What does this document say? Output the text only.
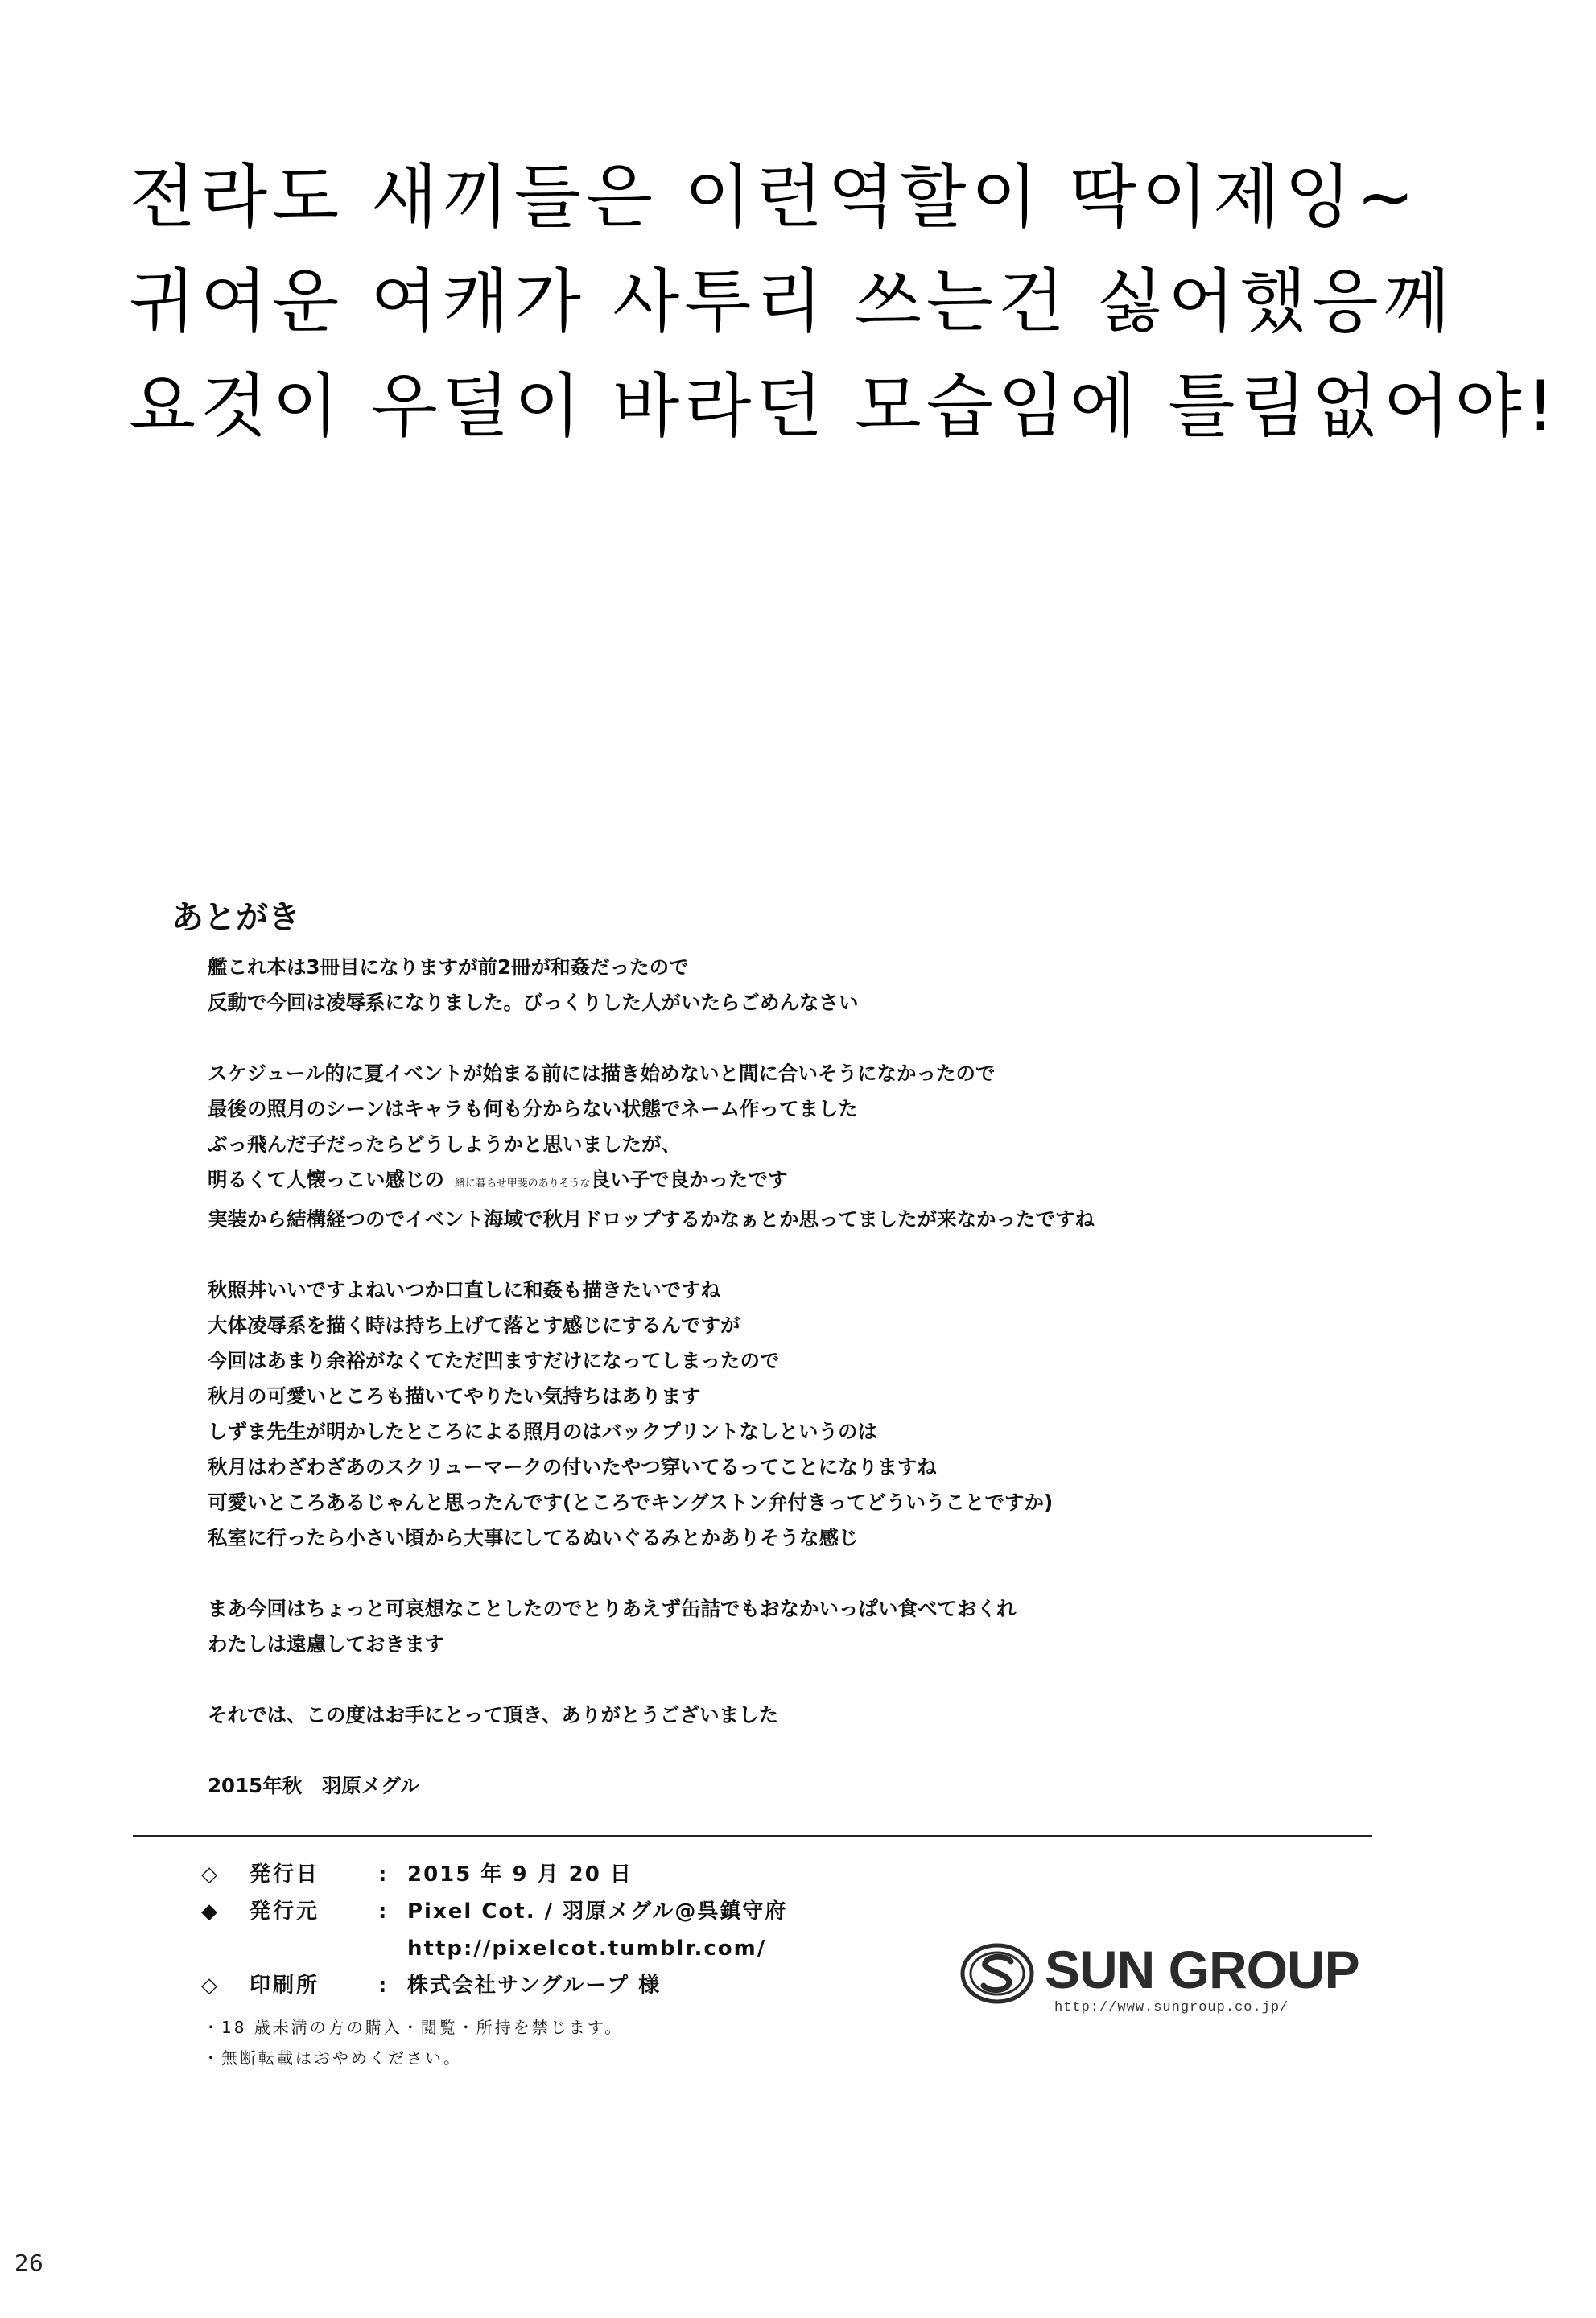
전라도 새끼들은 이런역할이 딱이제잉~
귀여운 여캐가 사투리 쓰는건 싫어했응께
요것이 우덜이 바라던 모습임에 틀림없어야!
あとがき

艦これ本は3冊目になりますが前2冊が和姦だったので
反動で今回は凌辱系になりました。びっくりした人がいたらごめんなさい

スケジュール的に夏イベントが始まる前には描き始めないと間に合いそうになかったので
最後の照月のシーンはキャラも何も分からない状態でネーム作ってました
ぶっ飛んだ子だったらどうしようかと思いましたが、
明るくて人懐っこい感じの一緒に暮らせ甲斐のありそうな良い子で良かったです
実装から結構経つのでイベント海域で秋月ドロップするかなぁとか思ってましたが来なかったですね

秋照丼いいですよねいつか口直しに和姦も描きたいですね
大体凌辱系を描く時は持ち上げて落とす感じにするんですが
今回はあまり余裕がなくてただ凹ますだけになってしまったので
秋月の可愛いところも描いてやりたい気持ちはあります
しずま先生が明かしたところによる照月のはバックプリントなしというのは
秋月はわざわざあのスクリューマークの付いたやつ穿いてるってことになりますね
可愛いところあるじゃんと思ったんです(ところでキングストン弁付きってどういうことですか)
私室に行ったら小さい頃から大事にしてるぬいぐるみとかありそうな感じ

まあ今回はちょっと可哀想なことしたのでとりあえず缶詰でもおなかいっぱい食べておくれ
わたしは遠慮しておきます

それでは、この度はお手にとって頂き、ありがとうございました

2015年秋　羽原メグル

◇	発行日	: 2015 年 9 月 20 日
◆	発行元	: Pixel Cot. / 羽原メグル@呉鎮守府
http://pixelcot.tumblr.com/
◇	印刷所	: 株式会社サングループ 様
・18 歳未満の方の購入・閲覧・所持を禁じます。
・無断転載はおやめください。
SUN GROUP
http://www.sungroup.co.jp/
26
